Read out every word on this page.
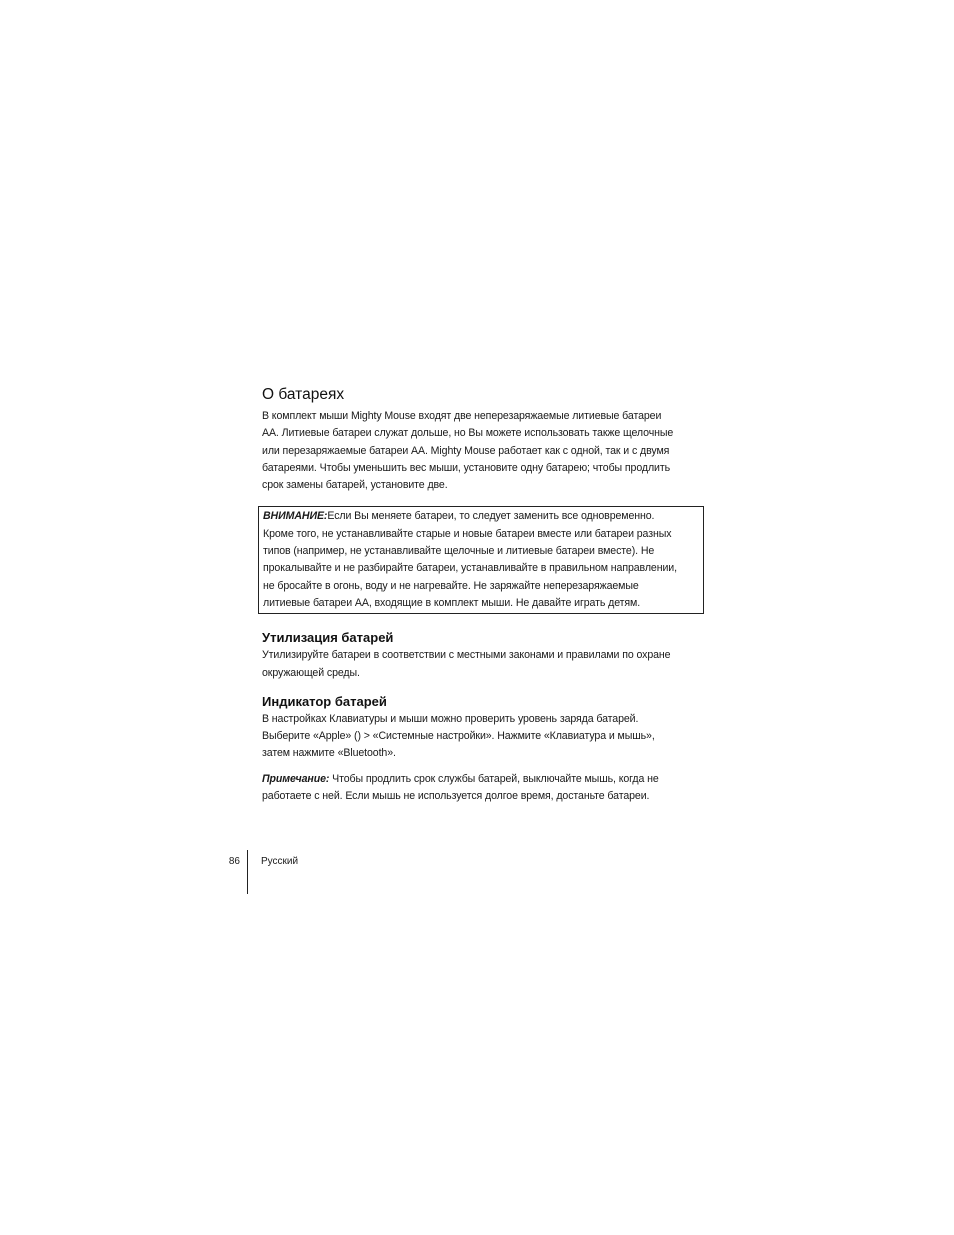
О батареях

В комплект мыши Mighty Mouse входят две неперезаряжаемые литиевые батареи
AA. Литиевые батареи служат дольше, но Вы можете использовать также щелочные
или перезаряжаемые батареи AA. Mighty Mouse работает как с одной, так и с двумя
батареями. Чтобы уменьшить вес мыши, установите одну батарею; чтобы продлить
срок замены батарей, установите две.

ВНИМАНИЕ:Если Вы меняете батареи, то следует заменить все одновременно.
Кроме того, не устанавливайте старые и новые батареи вместе или батареи разных
типов (например, не устанавливайте щелочные и литиевые батареи вместе). Не
прокалывайте и не разбирайте батареи, устанавливайте в правильном направлении,
не бросайте в огонь, воду и не нагревайте. Не заряжайте неперезаряжаемые
литиевые батареи AA, входящие в комплект мыши. Не давайте играть детям.

Утилизация батарей

Утилизируйте батареи в соответствии с местными законами и правилами по охране
окружающей среды.

Индикатор батарей

В настройках Клавиатуры и мыши можно проверить уровень заряда батарей.
Выберите «Apple» () > «Системные настройки». Нажмите «Клавиатура и мышь»,
затем нажмите «Bluetooth».

Примечание: Чтобы продлить срок службы батарей, выключайте мышь, когда не
работаете с ней. Если мышь не используется долгое время, достаньте батареи.

86 Русский
